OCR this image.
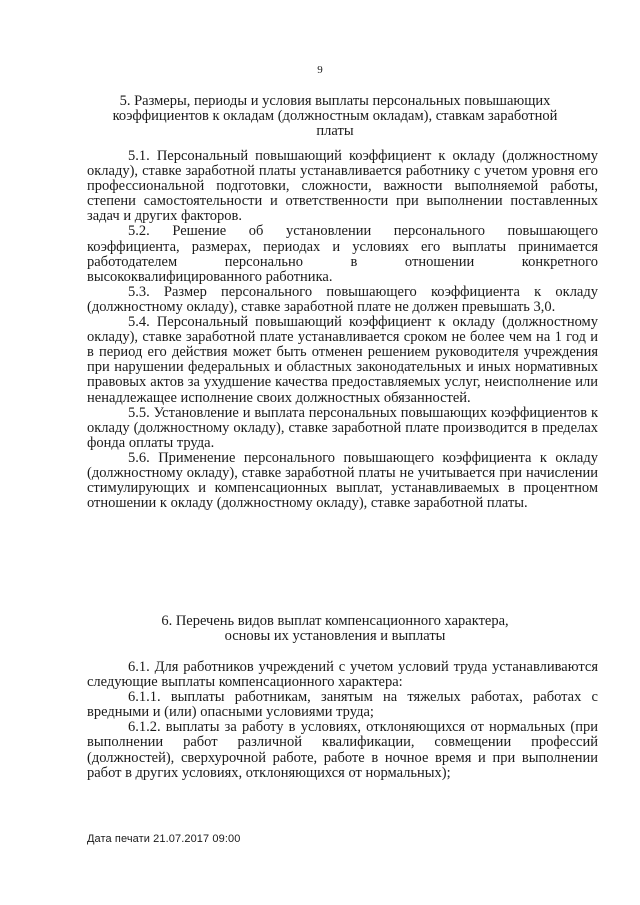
9
5. Размеры, периоды и условия выплаты персональных повышающих
коэффициентов к окладам (должностным окладам), ставкам заработной
платы

5.1. Персональный повышающий коэффициент к окладу (должностному окладу), ставке заработной платы устанавливается работнику с учетом уровня его профессиональной подготовки, сложности, важности выполняемой работы, степени самостоятельности и ответственности при выполнении поставленных задач и других факторов.

5.2. Решение об установлении персонального повышающего коэффициента, размерах, периодах и условиях его выплаты принимается работодателем персонально в отношении конкретного высококвалифицированного работника.

5.3. Размер персонального повышающего коэффициента к окладу (должностному окладу), ставке заработной плате не должен превышать 3,0.

5.4. Персональный повышающий коэффициент к окладу (должностному окладу), ставке заработной плате устанавливается сроком не более чем на 1 год и в период его действия может быть отменен решением руководителя учреждения при нарушении федеральных и областных законодательных и иных нормативных правовых актов за ухудшение качества предоставляемых услуг, неисполнение или ненадлежащее исполнение своих должностных обязанностей.

5.5. Установление и выплата персональных повышающих коэффициентов к окладу (должностному окладу), ставке заработной плате производится в пределах фонда оплаты труда.

5.6. Применение персонального повышающего коэффициента к окладу (должностному окладу), ставке заработной платы не учитывается при начислении стимулирующих и компенсационных выплат, устанавливаемых в процентном отношении к окладу (должностному окладу), ставке заработной платы.

6. Перечень видов выплат компенсационного характера,
основы их установления и выплаты

6.1. Для работников учреждений с учетом условий труда устанавливаются следующие выплаты компенсационного характера:

6.1.1. выплаты работникам, занятым на тяжелых работах, работах с вредными и (или) опасными условиями труда;

6.1.2. выплаты за работу в условиях, отклоняющихся от нормальных (при выполнении работ различной квалификации, совмещении профессий (должностей), сверхурочной работе, работе в ночное время и при выполнении работ в других условиях, отклоняющихся от нормальных);

Дата печати 21.07.2017 09:00
